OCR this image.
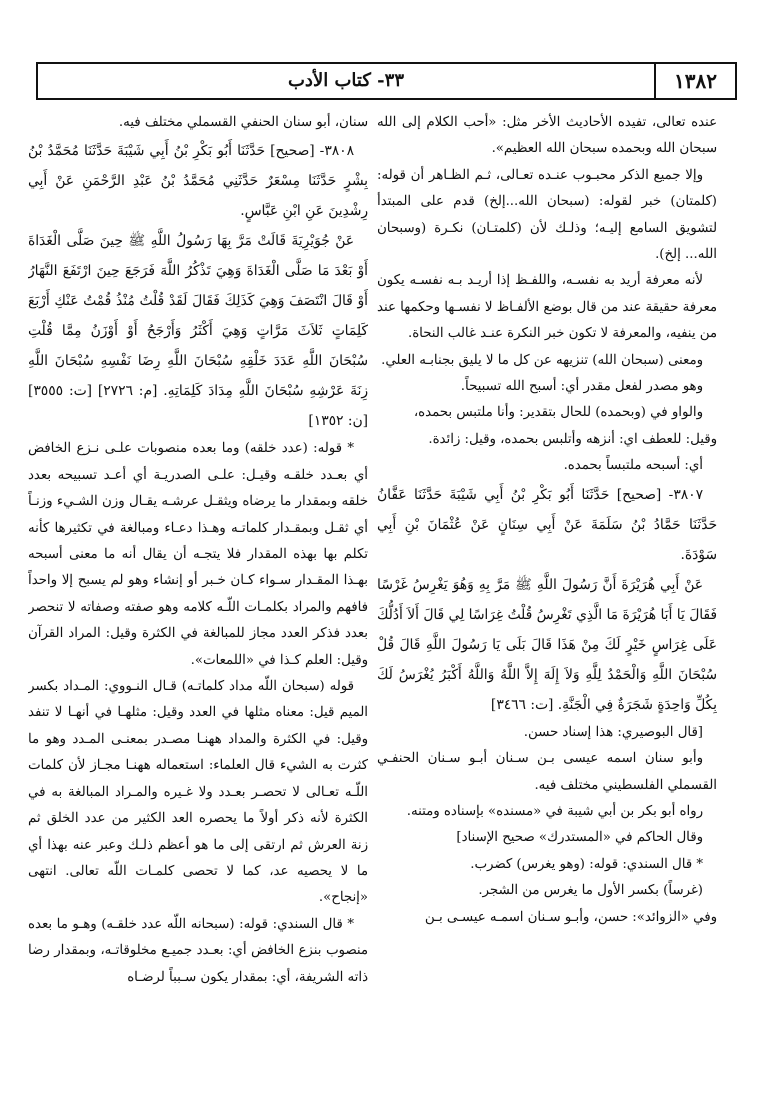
١٣٨٢
٣٣- كتاب الأدب

عنده تعالى، تفيده الأحاديث الأخر مثل: «أحب الكلام إلى الله سبحان الله وبحمده سبحان الله العظيم».

وإلا جميع الذكر محبـوب عنـده تعـالى، ثـم الظـاهر أن قوله: (كلمتان) خبر لقوله: (سبحان الله...إلخ) قدم على المبتدأ لتشويق السامع إليـه؛ وذلـك لأن (كلمتـان) نكـرة (وسبحان الله... إلخ).

لأنه معرفة أريد به نفسـه، واللفـظ إذا أريـد بـه نفسـه يكون معرفة حقيقة عند من قال بوضع الألفـاظ لا نفسـها وحكمها عند من ينفيه، والمعرفة لا تكون خبر النكرة عنـد غالب النحاة.

ومعنى (سبحان الله) تنزيهه عن كل ما لا يليق بجنابـه العلي.

وهو مصدر لفعل مقدر أي: أسبح الله تسبيحاً.

والواو في (وبحمده) للحال بتقدير: وأنا ملتبس بحمده،

وقيل: للعطف اي: أنزهه وأتلبس بحمده، وقيل: زائدة.

أي: أسبحه ملتبساً بحمده.

٣٨٠٧- [صحيح] حَدَّثَنَا أَبُو بَكْرِ بْنُ أَبِي شَيْبَةَ حَدَّثَنَا عَفَّانُ حَدَّثَنَا حَمَّادُ بْنُ سَلَمَةَ عَنْ أَبِي سِنَانٍ عَنْ عُثْمَانَ بْنِ أَبِي سَوْدَةَ.

عَنْ أَبِي هُرَيْرَةَ أَنَّ رَسُولَ اللَّهِ ﷺ مَرَّ بِهِ وَهُوَ يَغْرِسُ غَرْسًا فَقَالَ يَا أَبَا هُرَيْرَةَ مَا الَّذِي تَغْرِسُ قُلْتُ غِرَاسًا لِي قَالَ أَلاَ أَدُلُّكَ عَلَى غِرَاسٍ خَيْرٍ لَكَ مِنْ هَذَا قَالَ بَلَى يَا رَسُولَ اللَّهِ قَالَ قُلْ سُبْحَانَ اللَّهِ وَالْحَمْدُ لِلَّهِ وَلاَ إِلَهَ إِلاَّ اللَّهُ وَاللَّهُ أَكْبَرُ يُغْرَسُ لَكَ بِكُلِّ وَاحِدَةٍ شَجَرَةٌ فِي الْجَنَّةِ. [ت: ٣٤٦٦]

[قال البوصيري: هذا إسناد حسن.

وأبو سنان اسمه عيسى بـن سـنان أبـو سـنان الحنفـي القسملي الفلسطيني مختلف فيه.

رواه أبو بكر بن أبي شيبة في «مسنده» بإسناده ومتنه.

وقال الحاكم في «المستدرك» صحيح الإسناد]

* قال السندي: قوله: (وهو يغرس) كضرب.

(غرساً) بكسر الأول ما يغرس من الشجر.

وفي «الزوائد»: حسن، وأبـو سـنان اسمـه عيسـى بـن

سنان، أبو سنان الحنفي القسملي مختلف فيه.

٣٨٠٨- [صحيح] حَدَّثَنَا أَبُو بَكْرِ بْنُ أَبِي شَيْبَةَ حَدَّثَنَا مُحَمَّدُ بْنُ بِشْرٍ حَدَّثَنَا مِسْعَرٌ حَدَّثَنِي مُحَمَّدُ بْنُ عَبْدِ الرَّحْمَنِ عَنْ أَبِي رِشْدِينَ عَنِ ابْنِ عَبَّاسٍ.

عَنْ جُوَيْرِيَةَ قَالَتْ مَرَّ بِهَا رَسُولُ اللَّهِ ﷺ حِينَ صَلَّى الْغَدَاةَ أَوْ بَعْدَ مَا صَلَّى الْغَدَاةَ وَهِيَ تَذْكُرُ اللَّهَ فَرَجَعَ حِينَ ارْتَفَعَ النَّهَارُ أَوْ قَالَ انْتَصَفَ وَهِيَ كَذَلِكَ فَقَالَ لَقَدْ قُلْتُ مُنْذُ قُمْتُ عَنْكِ أَرْبَعَ كَلِمَاتٍ ثَلاَثَ مَرَّاتٍ وَهِيَ أَكْثَرُ وَأَرْجَحُ أَوْ أَوْزَنُ مِمَّا قُلْتِ سُبْحَانَ اللَّهِ عَدَدَ خَلْقِهِ سُبْحَانَ اللَّهِ رِضَا نَفْسِهِ سُبْحَانَ اللَّهِ زِنَةَ عَرْشِهِ سُبْحَانَ اللَّهِ مِدَادَ كَلِمَاتِهِ. [م: ٢٧٢٦] [ت: ٣٥٥٥] [ن: ١٣٥٢]

* قوله: (عدد خلقه) وما بعده منصوبات علـى نـزع الخافض أي بعـدد خلقـه وقيـل: علـى الصدريـة أي أعـد تسبيحه بعدد خلقه وبمقدار ما يرضاه ويثقـل عرشـه يقـال وزن الشـيء وزنـاً أي ثقـل وبمقـدار كلماتـه وهـذا دعـاء ومبالغة في تكثيرها كأنه تكلم بها بهذه المقدار فلا يتجـه أن يقال أنه ما معنى أسبحه بهـذا المقـدار سـواء كـان خـبر أو إنشاء وهو لم يسبح إلا واحداً فافهم والمراد بكلمـات اللّـه كلامه وهو صفته وصفاته لا تنحصر بعدد فذكر العدد مجاز للمبالغة في الكثرة وقيل: المراد القرآن وقيل: العلم كـذا في «اللمعات».

قوله (سبحان اللّه مداد كلماتـه) قـال النـووي: المـداد بكسر الميم قيل: معناه مثلها في العدد وقيل: مثلهـا في أنهـا لا تنفد وقيل: في الكثرة والمداد ههنـا مصـدر بمعنـى المـدد وهو ما كثرت به الشيء قال العلماء: استعماله ههنـا مجـاز لأن كلمات اللّـه تعـالى لا تحصـر بعـدد ولا غـيره والمـراد المبالغة به في الكثرة لأنه ذكر أولاً ما يحصره العد الكثير من عدد الخلق ثم زنة العرش ثم ارتقى إلى ما هو أعظم ذلـك وعبر عنه بهذا أي ما لا يحصيه عد، كما لا تحصى كلمـات اللّه تعالى. انتهى «إنجاح».

* قال السندي: قوله: (سبحانه اللّه عدد خلقـه) وهـو ما بعده منصوب بنزع الخافض أي: بعـدد جميـع مخلوقاتـه، وبمقدار رضا ذاته الشريفة، أي: بمقدار يكون سـبباً لرضـاه
